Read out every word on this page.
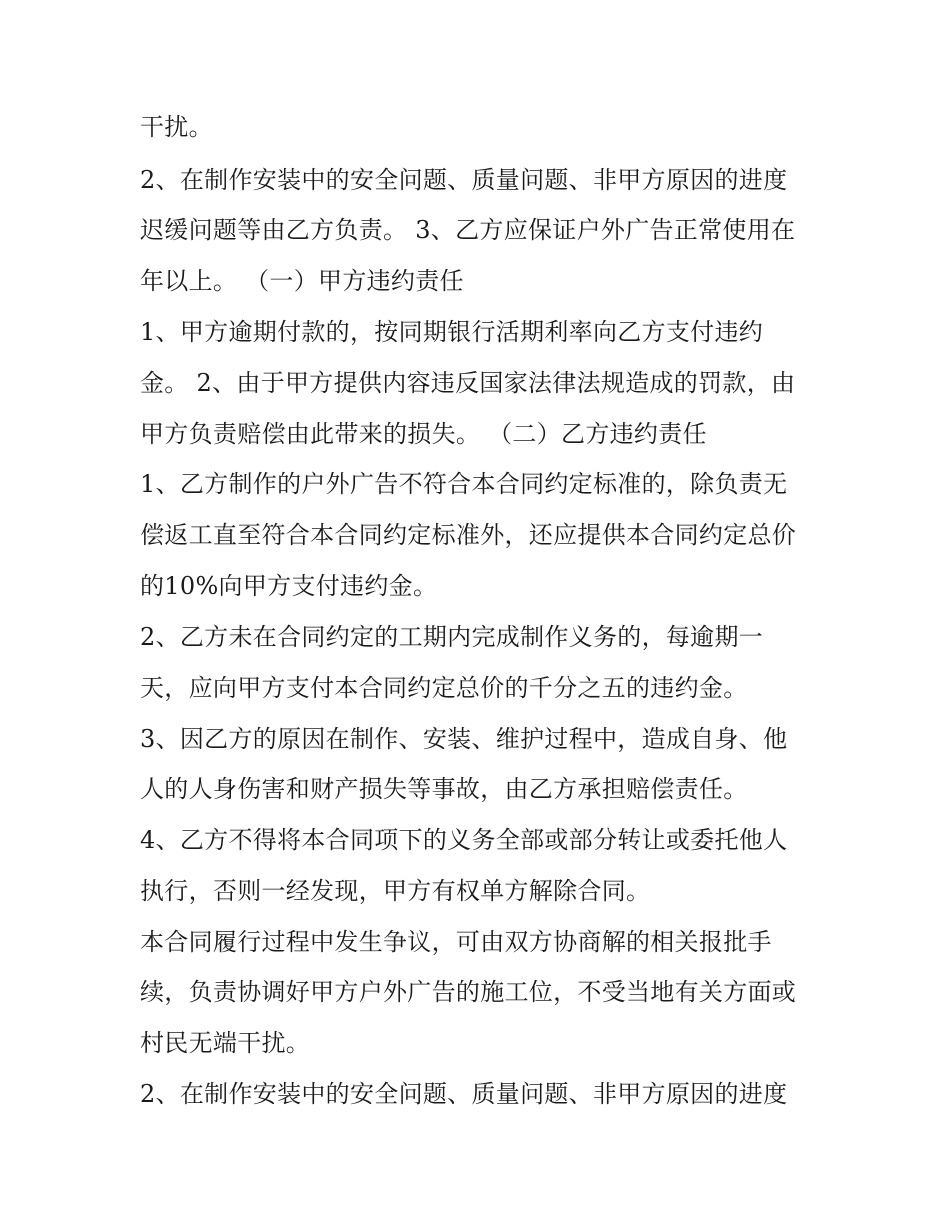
干扰。
2、在制作安装中的安全问题、质量问题、非甲方原因的进度
迟缓问题等由乙方负责。 3、乙方应保证户外广告正常使用在
年以上。 （一）甲方违约责任
1、甲方逾期付款的，按同期银行活期利率向乙方支付违约
金。 2、由于甲方提供内容违反国家法律法规造成的罚款，由
甲方负责赔偿由此带来的损失。 （二）乙方违约责任
1、乙方制作的户外广告不符合本合同约定标准的，除负责无
偿返工直至符合本合同约定标准外，还应提供本合同约定总价
的10%向甲方支付违约金。
2、乙方未在合同约定的工期内完成制作义务的，每逾期一
天，应向甲方支付本合同约定总价的千分之五的违约金。
3、因乙方的原因在制作、安装、维护过程中，造成自身、他
人的人身伤害和财产损失等事故，由乙方承担赔偿责任。
4、乙方不得将本合同项下的义务全部或部分转让或委托他人
执行，否则一经发现，甲方有权单方解除合同。
本合同履行过程中发生争议，可由双方协商解的相关报批手
续，负责协调好甲方户外广告的施工位，不受当地有关方面或
村民无端干扰。
2、在制作安装中的安全问题、质量问题、非甲方原因的进度
